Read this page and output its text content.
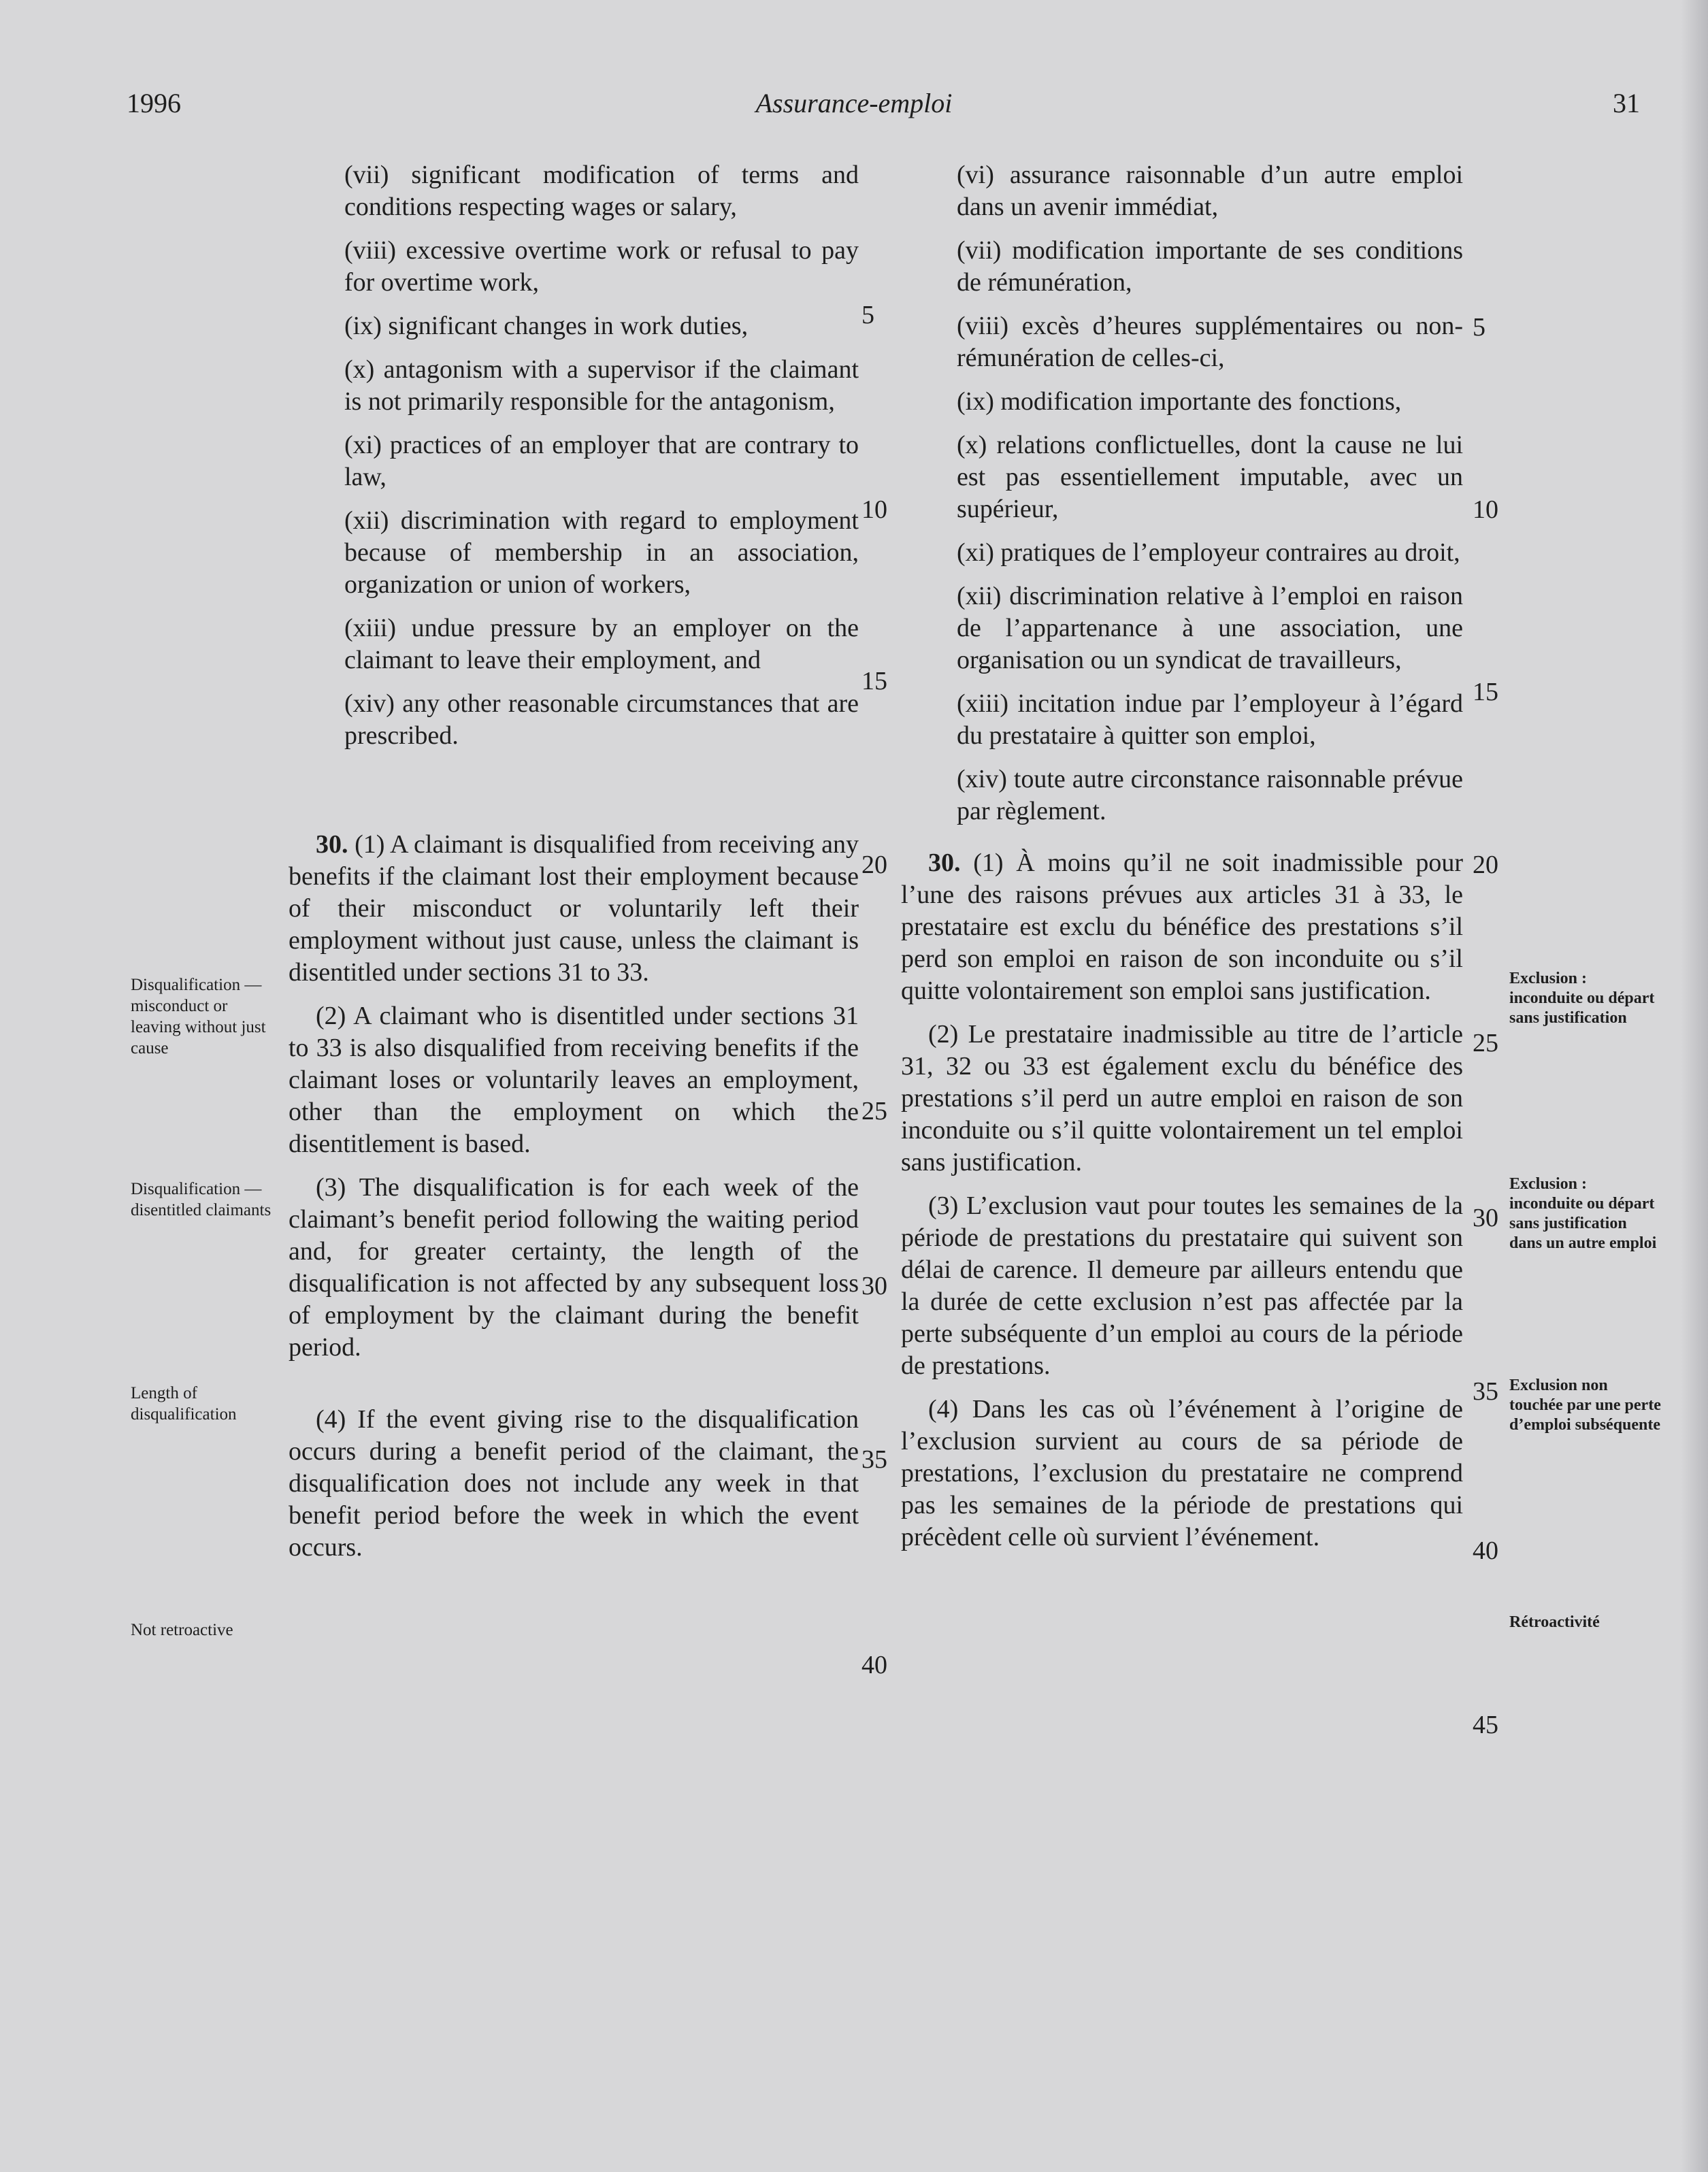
1996	Assurance-emploi	31

(vii) significant modification of terms and conditions respecting wages or salary,

(viii) excessive overtime work or refusal to pay for overtime work,

(ix) significant changes in work duties,

(x) antagonism with a supervisor if the claimant is not primarily responsible for the antagonism,

(xi) practices of an employer that are contrary to law,

(xii) discrimination with regard to employment because of membership in an association, organization or union of workers,

(xiii) undue pressure by an employer on the claimant to leave their employment, and

(xiv) any other reasonable circumstances that are prescribed.

30. (1) A claimant is disqualified from receiving any benefits if the claimant lost their employment because of their misconduct or voluntarily left their employment without just cause, unless the claimant is disentitled under sections 31 to 33.

(2) A claimant who is disentitled under sections 31 to 33 is also disqualified from receiving benefits if the claimant loses or voluntarily leaves an employment, other than the employment on which the disentitlement is based.

(3) The disqualification is for each week of the claimant’s benefit period following the waiting period and, for greater certainty, the length of the disqualification is not affected by any subsequent loss of employment by the claimant during the benefit period.

(4) If the event giving rise to the disqualification occurs during a benefit period of the claimant, the disqualification does not include any week in that benefit period before the week in which the event occurs.

(vi) assurance raisonnable d’un autre emploi dans un avenir immédiat,

(vii) modification importante de ses conditions de rémunération,

(viii) excès d’heures supplémentaires ou non-rémunération de celles-ci,

(ix) modification importante des fonctions,

(x) relations conflictuelles, dont la cause ne lui est pas essentiellement imputable, avec un supérieur,

(xi) pratiques de l’employeur contraires au droit,

(xii) discrimination relative à l’emploi en raison de l’appartenance à une association, une organisation ou un syndicat de travailleurs,

(xiii) incitation indue par l’employeur à l’égard du prestataire à quitter son emploi,

(xiv) toute autre circonstance raisonnable prévue par règlement.

30. (1) À moins qu’il ne soit inadmissible pour l’une des raisons prévues aux articles 31 à 33, le prestataire est exclu du bénéfice des prestations s’il perd son emploi en raison de son inconduite ou s’il quitte volontairement son emploi sans justification.

(2) Le prestataire inadmissible au titre de l’article 31, 32 ou 33 est également exclu du bénéfice des prestations s’il perd un autre emploi en raison de son inconduite ou s’il quitte volontairement un tel emploi sans justification.

(3) L’exclusion vaut pour toutes les semaines de la période de prestations du prestataire qui suivent son délai de carence. Il demeure par ailleurs entendu que la durée de cette exclusion n’est pas affectée par la perte subséquente d’un emploi au cours de la période de prestations.

(4) Dans les cas où l’événement à l’origine de l’exclusion survient au cours de sa période de prestations, l’exclusion du prestataire ne comprend pas les semaines de la période de prestations qui précèdent celle où survient l’événement.

5
10
15
20
25
30
35
40
5
10
15
20
25
30
35
40
45
Disqualification — misconduct or leaving without just cause
Disqualification — disentitled claimants
Length of disqualification
Not retroactive
Exclusion : inconduite ou départ sans justification
Exclusion : inconduite ou départ sans justification dans un autre emploi
Exclusion non touchée par une perte d’emploi subséquente
Rétroactivité
